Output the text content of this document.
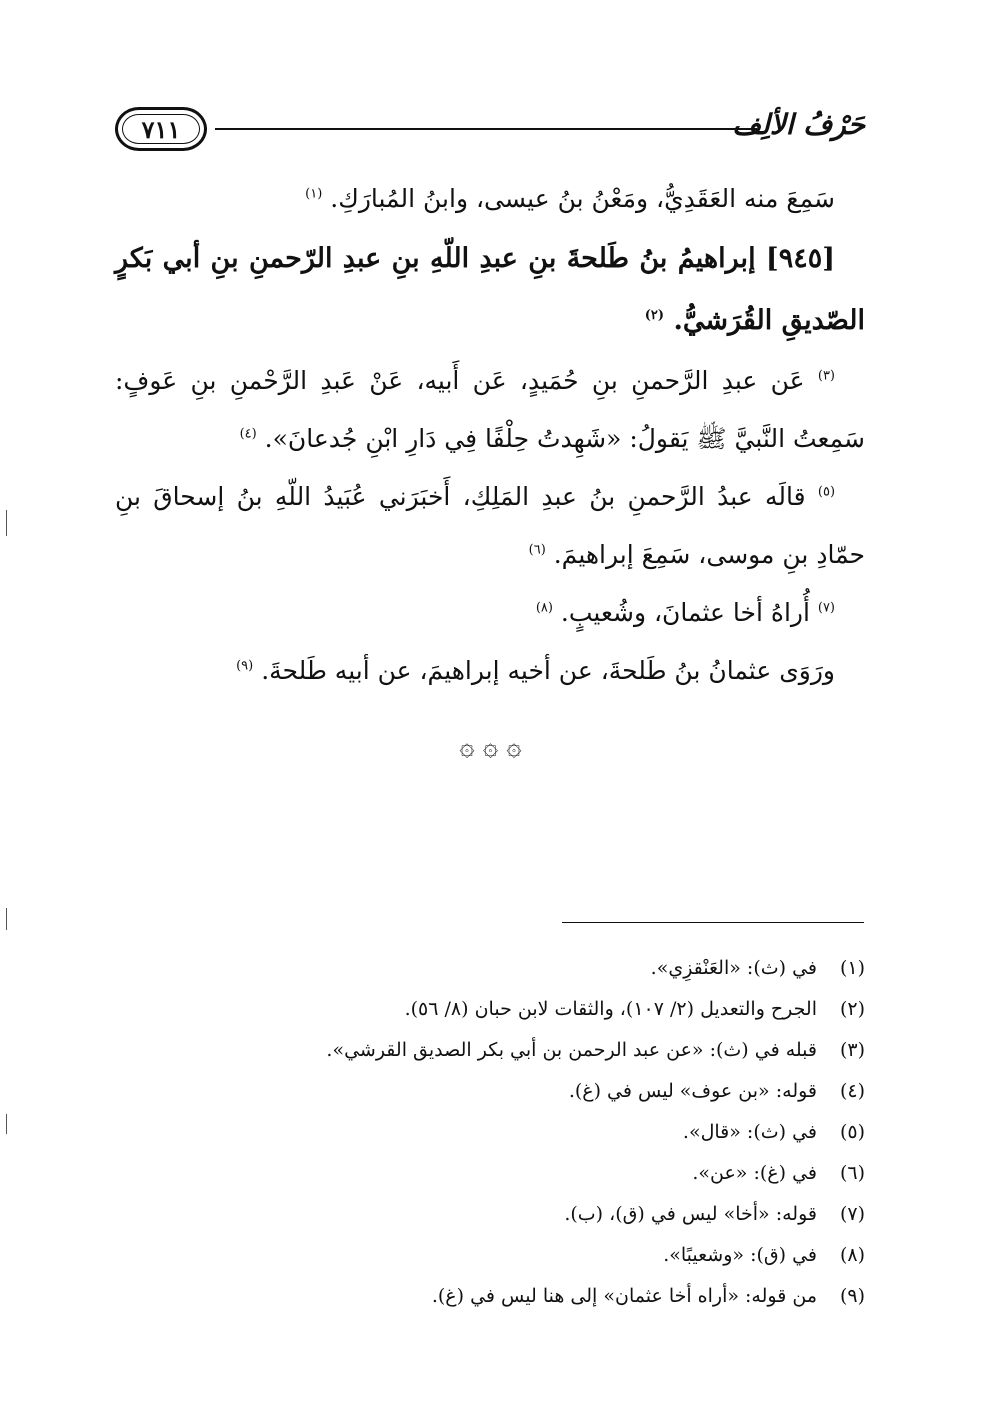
٧١١	حَرْفُ الألِف

سَمِعَ منه العَقَدِيُّ، ومَعْنُ بنُ عيسى، وابنُ المُبارَكِ. $^{(١)}$

[٩٤٥] إبراهيمُ بنُ طَلحةَ بنِ عبدِ اللّهِ بنِ عبدِ الرّحمنِ بنِ أبي بَكرٍ الصّديقِ القُرَشيُّ. $^{(٢)}$

$^{(٣)}$ عَن عبدِ الرَّحمنِ بنِ حُمَيدٍ، عَن أَبيه، عَنْ عَبدِ الرَّحْمنِ بنِ عَوفٍ: سَمِعتُ النَّبيَّ ﷺ يَقولُ: «شَهِدتُ حِلْفًا فِي دَارِ ابْنِ جُدعانَ». $^{(٤)}$

$^{(٥)}$ قالَه عبدُ الرَّحمنِ بنُ عبدِ المَلِكِ، أَخبَرَني عُبَيدُ اللّهِ بنُ إسحاقَ بنِ حمّادِ بنِ موسى، سَمِعَ إبراهيمَ. $^{(٦)}$

$^{(٧)}$ أُراهُ أخا عثمانَ، وشُعيبٍ. $^{(٨)}$

ورَوَى عثمانُ بنُ طَلحةَ، عن أخيه إبراهيمَ، عن أبيه طَلحةَ. $^{(٩)}$

۞ ۞ ۞
(١)
في (ث): «العَنْقزِي».
(٢)
الجرح والتعديل (٢/ ١٠٧)، والثقات لابن حبان (٨/ ٥٦).
(٣)
قبله في (ث): «عن عبد الرحمن بن أبي بكر الصديق القرشي».
(٤)
قوله: «بن عوف» ليس في (غ).
(٥)
في (ث): «قال».
(٦)
في (غ): «عن».
(٧)
قوله: «أخا» ليس في (ق)، (ب).
(٨)
في (ق): «وشعيبًا».
(٩)
من قوله: «أراه أخا عثمان» إلى هنا ليس في (غ).
